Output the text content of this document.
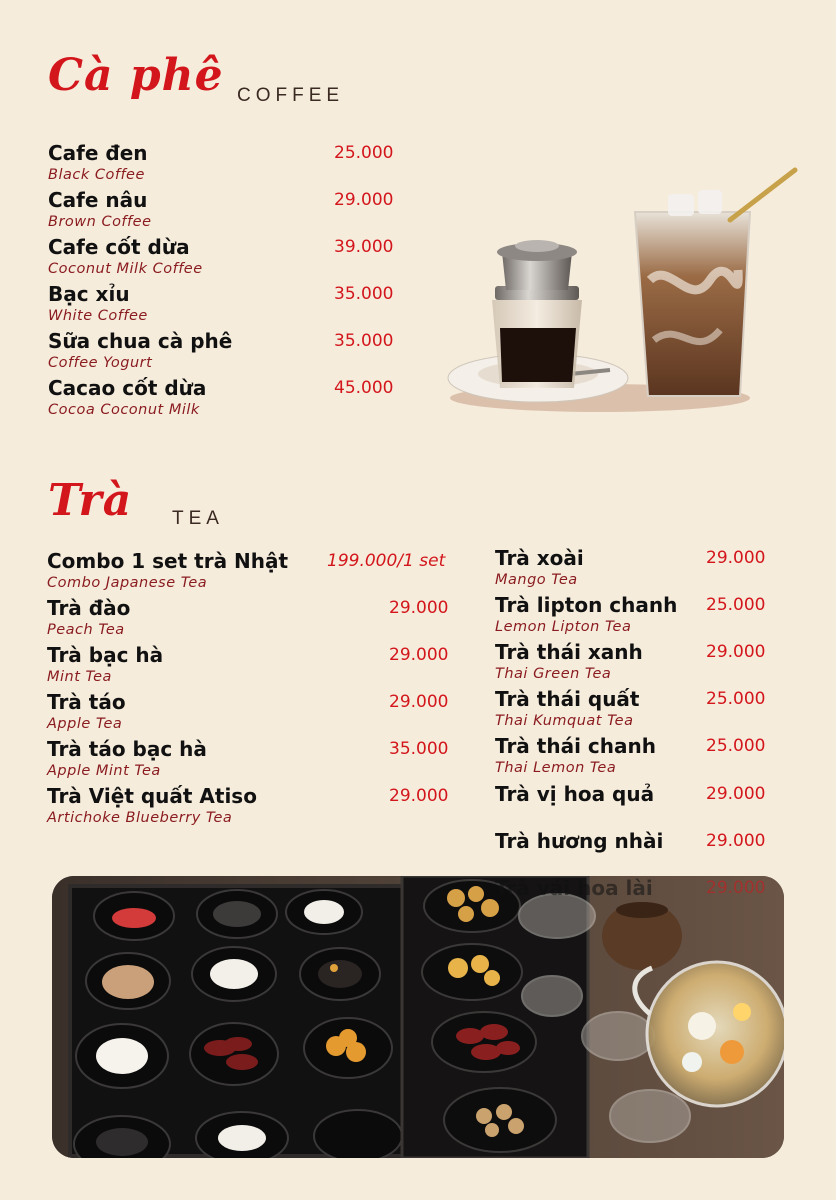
Cà phê COFFEE
Cafe đen
Black Coffee
25.000
Cafe nâu
Brown Coffee
29.000
Cafe cốt dừa
Coconut Milk Coffee
39.000
Bạc xỉu
White Coffee
35.000
Sữa chua cà phê
Coffee Yogurt
35.000
Cacao cốt dừa
Cocoa Coconut Milk
45.000
Trà TEA
Combo 1 set trà Nhật
Combo Japanese Tea
199.000/1 set
Trà đào
Peach Tea
29.000
Trà bạc hà
Mint Tea
29.000
Trà táo
Apple Tea
29.000
Trà táo bạc hà
Apple Mint Tea
35.000
Trà Việt quất Atiso
Artichoke Blueberry Tea
29.000
Trà xoài
Mango Tea
29.000
Trà lipton chanh
Lemon Lipton Tea
25.000
Trà thái xanh
Thai Green Tea
29.000
Trà thái quất
Thai Kumquat Tea
25.000
Trà thái chanh
Thai Lemon Tea
25.000
Trà vị hoa quả	29.000
Trà hương nhài	29.000
Trà vải hoa lài	29.000
